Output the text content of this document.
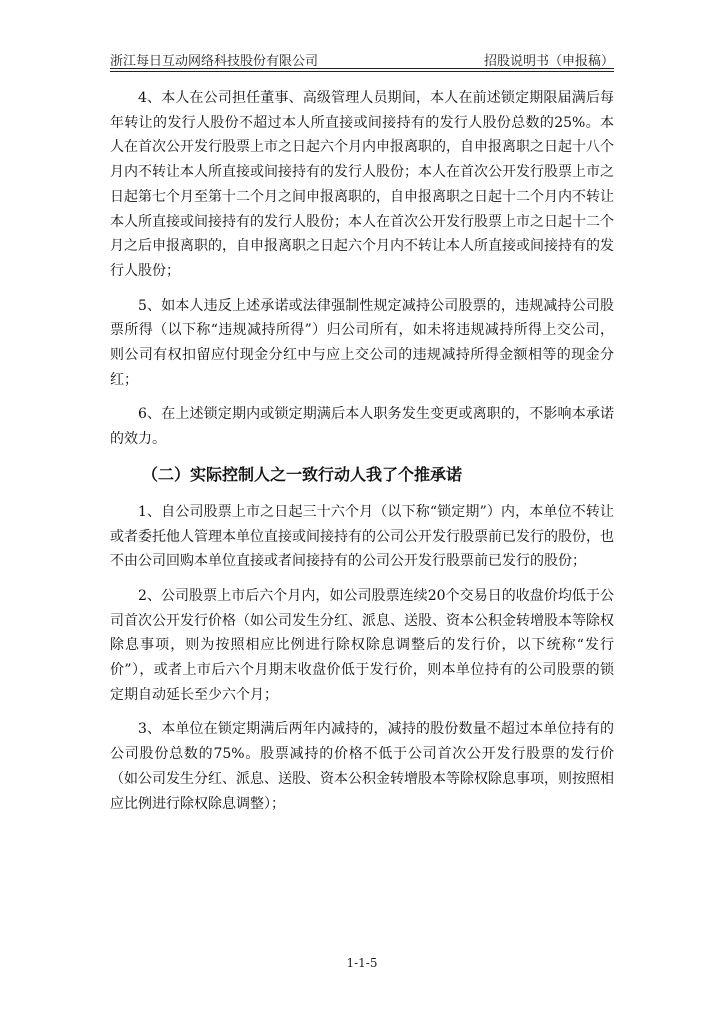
浙江每日互动网络科技股份有限公司	招股说明书（申报稿）

4、本人在公司担任董事、高级管理人员期间，本人在前述锁定期限届满后每年转让的发行人股份不超过本人所直接或间接持有的发行人股份总数的25%。本人在首次公开发行股票上市之日起六个月内申报离职的，自申报离职之日起十八个月内不转让本人所直接或间接持有的发行人股份；本人在首次公开发行股票上市之日起第七个月至第十二个月之间申报离职的，自申报离职之日起十二个月内不转让本人所直接或间接持有的发行人股份；本人在首次公开发行股票上市之日起十二个月之后申报离职的，自申报离职之日起六个月内不转让本人所直接或间接持有的发行人股份；

5、如本人违反上述承诺或法律强制性规定减持公司股票的，违规减持公司股票所得（以下称“违规减持所得”）归公司所有，如未将违规减持所得上交公司，则公司有权扣留应付现金分红中与应上交公司的违规减持所得金额相等的现金分红；

6、在上述锁定期内或锁定期满后本人职务发生变更或离职的，不影响本承诺的效力。

（二）实际控制人之一致行动人我了个推承诺

1、自公司股票上市之日起三十六个月（以下称“锁定期”）内，本单位不转让或者委托他人管理本单位直接或间接持有的公司公开发行股票前已发行的股份，也不由公司回购本单位直接或者间接持有的公司公开发行股票前已发行的股份；

2、公司股票上市后六个月内，如公司股票连续20个交易日的收盘价均低于公司首次公开发行价格（如公司发生分红、派息、送股、资本公积金转增股本等除权除息事项，则为按照相应比例进行除权除息调整后的发行价，以下统称“发行价”），或者上市后六个月期末收盘价低于发行价，则本单位持有的公司股票的锁定期自动延长至少六个月；

3、本单位在锁定期满后两年内减持的，减持的股份数量不超过本单位持有的公司股份总数的75%。股票减持的价格不低于公司首次公开发行股票的发行价（如公司发生分红、派息、送股、资本公积金转增股本等除权除息事项，则按照相应比例进行除权除息调整）；

1-1-5
